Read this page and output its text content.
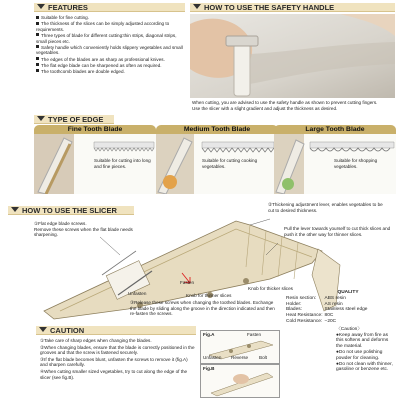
FEATURES

Suitable for fine cutting.

The thickness of the slices can be simply adjusted according to requirements.

Three types of blade for different cutting:thin strips, diagonal strips, small pieces etc.

Safety handle which conveniently holds slippery vegetables and small vegetables.

The edges of the blades are as sharp as professional knives.

The flat edge blade can be sharpened as often as required.

The toothcomb blades are double edged.

HOW TO USE THE SAFETY HANDLE
When cutting, you are advised to use the safety handle as shown to prevent cutting fingers.
Use the slicer with a slight gradient and adjust the thickness as desired.
TYPE OF EDGE
Fine Tooth Blade
Suitable for cutting into long and fine pieces.
Medium Tooth Blade
Suitable for cutting cooking vegetables.
Large Tooth Blade
Suitable for shopping vegetables.
HOW TO USE THE SLICER
①Flat edge blade screws.
Remove these screws when the flat blade needs sharpening.
②Thickening adjustment lever, enables vegetables to be cut to desired thickness.
Pull the lever towards yourself to cut thick slices and push it the other way for thinner slices.
Fasten
Unfasten	Knob for thinner slices
Knob for thicker slices
③Release these screws when changing the toothed blades. Exchange the blade by sliding along the groove in the direction indicated and then re-fasten the screws.
QUALITY
Resin section:	ABS resin
Holder:	AS resin
Blades:	Stainless steel edge
Heat Resistance:	80C
Cold Resistance:	−20C
〈Caution〉
●Keep away from fire as this softens and deforms the material.
●Do not use polishing powder for cleaning.
●Do not clean with thinner, gasoline or benzene etc.
CAUTION

①Take care of sharp edges when changing the blades.

②When changing blades, ensure that the blade is correctly positioned in the grooves and that the screw is fastened securely.

③If the flat blade becomes blunt, unfasten the screws to remove it (fig.A) and sharpen carefully.

④When cutting smaller sized vegetables, try to cut along the edge of the slicer (see fig.B).

Fig.A	Fasten
Unfasten Reverse Bolt
Fig.B
